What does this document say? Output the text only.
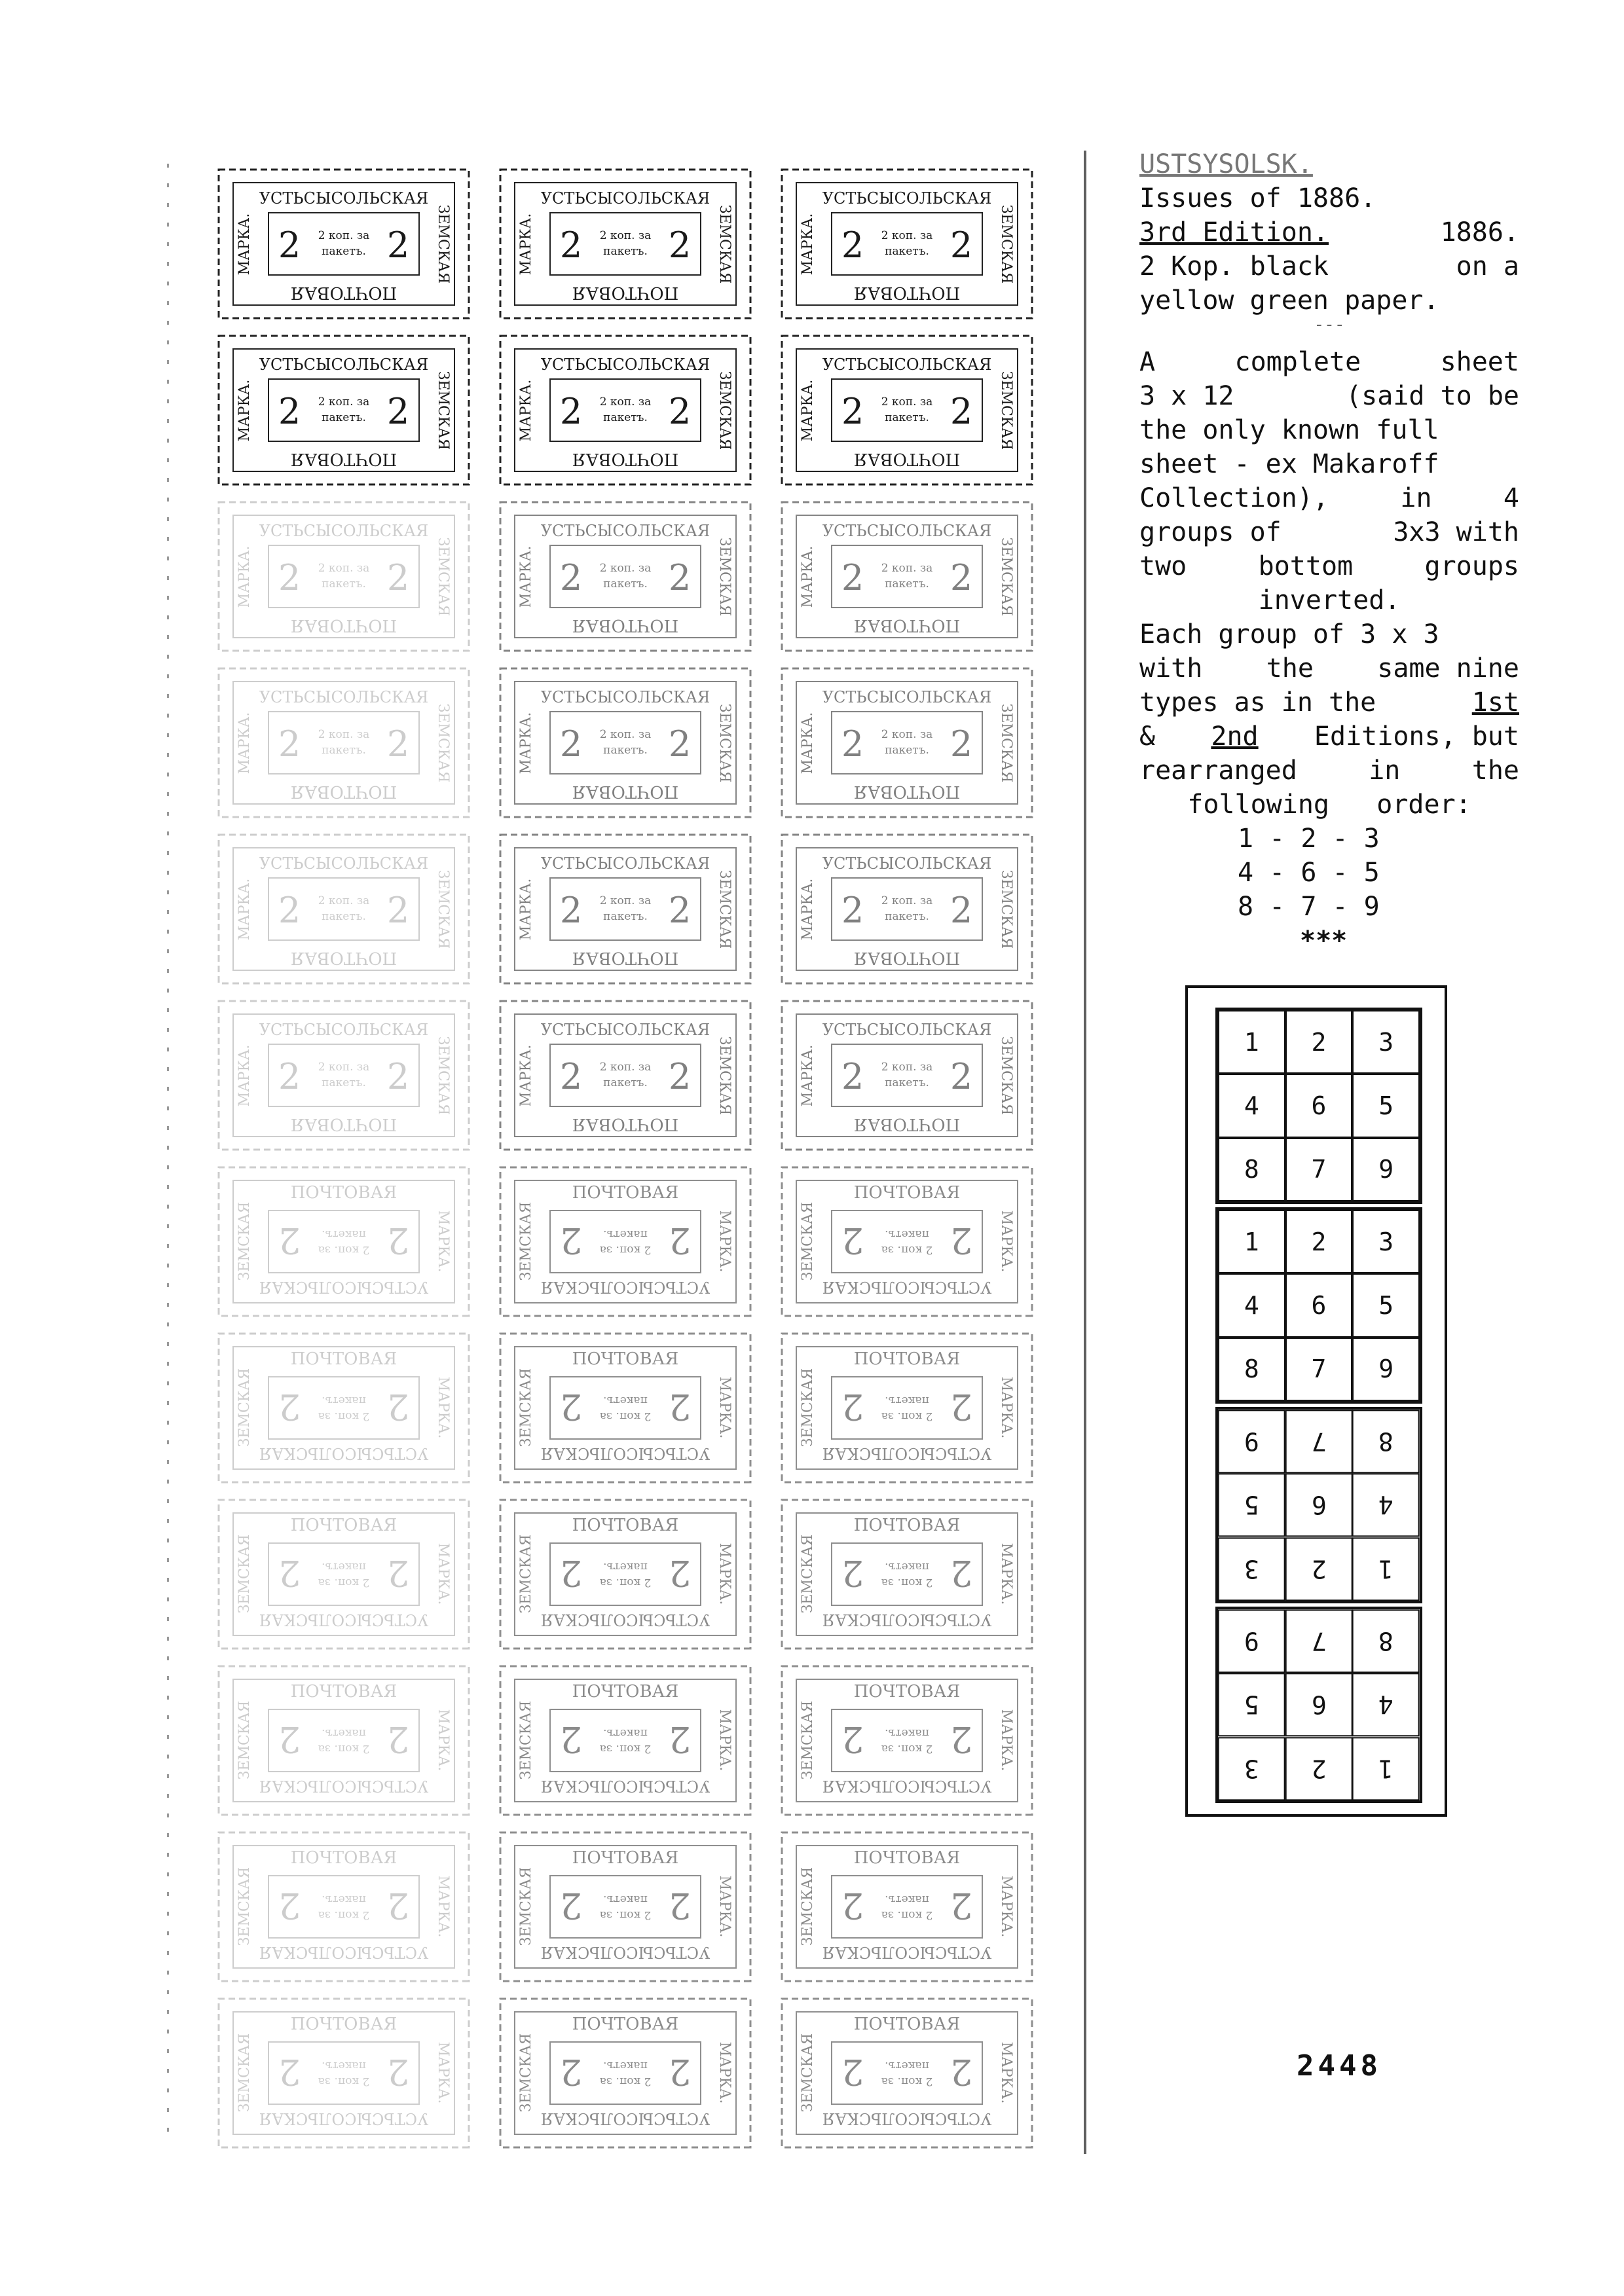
УСТЬСЫСОЛЬСКАЯ
ПОЧТОВАЯ
МАРКА.	ЗЕМСКАЯ
2 2
2 коп. за
пакетъ.
УСТЬСЫСОЛЬСКАЯ
ПОЧТОВАЯ
МАРКА.	ЗЕМСКАЯ
2 2
2 коп. за
пакетъ.
УСТЬСЫСОЛЬСКАЯ
ПОЧТОВАЯ
МАРКА.	ЗЕМСКАЯ
2 2
2 коп. за
пакетъ.
УСТЬСЫСОЛЬСКАЯ
ПОЧТОВАЯ
МАРКА.	ЗЕМСКАЯ
2 2
2 коп. за
пакетъ.
УСТЬСЫСОЛЬСКАЯ
ПОЧТОВАЯ
МАРКА.	ЗЕМСКАЯ
2 2
2 коп. за
пакетъ.
УСТЬСЫСОЛЬСКАЯ
ПОЧТОВАЯ
МАРКА.	ЗЕМСКАЯ
2 2
2 коп. за
пакетъ.
УСТЬСЫСОЛЬСКАЯ
ПОЧТОВАЯ
МАРКА.	ЗЕМСКАЯ
2 2
2 коп. за
пакетъ.
УСТЬСЫСОЛЬСКАЯ
ПОЧТОВАЯ
МАРКА.	ЗЕМСКАЯ
2 2
2 коп. за
пакетъ.
УСТЬСЫСОЛЬСКАЯ
ПОЧТОВАЯ
МАРКА.	ЗЕМСКАЯ
2 2
2 коп. за
пакетъ.
УСТЬСЫСОЛЬСКАЯ
ПОЧТОВАЯ
МАРКА.	ЗЕМСКАЯ
2 2
2 коп. за
пакетъ.
УСТЬСЫСОЛЬСКАЯ
ПОЧТОВАЯ
МАРКА.	ЗЕМСКАЯ
2 2
2 коп. за
пакетъ.
УСТЬСЫСОЛЬСКАЯ
ПОЧТОВАЯ
МАРКА.	ЗЕМСКАЯ
2 2
2 коп. за
пакетъ.
УСТЬСЫСОЛЬСКАЯ
ПОЧТОВАЯ
МАРКА.	ЗЕМСКАЯ
2 2
2 коп. за
пакетъ.
УСТЬСЫСОЛЬСКАЯ
ПОЧТОВАЯ
МАРКА.	ЗЕМСКАЯ
2 2
2 коп. за
пакетъ.
УСТЬСЫСОЛЬСКАЯ
ПОЧТОВАЯ
МАРКА.	ЗЕМСКАЯ
2 2
2 коп. за
пакетъ.
УСТЬСЫСОЛЬСКАЯ
ПОЧТОВАЯ
МАРКА.	ЗЕМСКАЯ
2 2
2 коп. за
пакетъ.
УСТЬСЫСОЛЬСКАЯ
ПОЧТОВАЯ
МАРКА.	ЗЕМСКАЯ
2 2
2 коп. за
пакетъ.
УСТЬСЫСОЛЬСКАЯ
ПОЧТОВАЯ
МАРКА.	ЗЕМСКАЯ
2 2
2 коп. за
пакетъ.
УСТЬСЫСОЛЬСКАЯ
ПОЧТОВАЯ
МАРКА.
ЗЕМСКАЯ	2
2 2 коп. за
пакетъ.
УСТЬСЫСОЛЬСКАЯ
ПОЧТОВАЯ
МАРКА.
ЗЕМСКАЯ	2
2 2 коп. за
пакетъ.
УСТЬСЫСОЛЬСКАЯ
ПОЧТОВАЯ
МАРКА.
ЗЕМСКАЯ	2
2 2 коп. за
пакетъ.
УСТЬСЫСОЛЬСКАЯ
ПОЧТОВАЯ
МАРКА.
ЗЕМСКАЯ	2
2 2 коп. за
пакетъ.
УСТЬСЫСОЛЬСКАЯ
ПОЧТОВАЯ
МАРКА.
ЗЕМСКАЯ	2
2 2 коп. за
пакетъ.
УСТЬСЫСОЛЬСКАЯ
ПОЧТОВАЯ
МАРКА.
ЗЕМСКАЯ	2
2 2 коп. за
пакетъ.
УСТЬСЫСОЛЬСКАЯ
ПОЧТОВАЯ
МАРКА.
ЗЕМСКАЯ	2
2 2 коп. за
пакетъ.
УСТЬСЫСОЛЬСКАЯ
ПОЧТОВАЯ
МАРКА.
ЗЕМСКАЯ	2
2 2 коп. за
пакетъ.
УСТЬСЫСОЛЬСКАЯ
ПОЧТОВАЯ
МАРКА.
ЗЕМСКАЯ	2
2 2 коп. за
пакетъ.
УСТЬСЫСОЛЬСКАЯ
ПОЧТОВАЯ
МАРКА.
ЗЕМСКАЯ	2
2 2 коп. за
пакетъ.
УСТЬСЫСОЛЬСКАЯ
ПОЧТОВАЯ
МАРКА.
ЗЕМСКАЯ	2
2 2 коп. за
пакетъ.
УСТЬСЫСОЛЬСКАЯ
ПОЧТОВАЯ
МАРКА.
ЗЕМСКАЯ	2
2 2 коп. за
пакетъ.
УСТЬСЫСОЛЬСКАЯ
ПОЧТОВАЯ
МАРКА.
ЗЕМСКАЯ	2
2 2 коп. за
пакетъ.
УСТЬСЫСОЛЬСКАЯ
ПОЧТОВАЯ
МАРКА.
ЗЕМСКАЯ	2
2 2 коп. за
пакетъ.
УСТЬСЫСОЛЬСКАЯ
ПОЧТОВАЯ
МАРКА.
ЗЕМСКАЯ	2
2 2 коп. за
пакетъ.
УСТЬСЫСОЛЬСКАЯ
ПОЧТОВАЯ
МАРКА.
ЗЕМСКАЯ	2
2 2 коп. за
пакетъ.
УСТЬСЫСОЛЬСКАЯ
ПОЧТОВАЯ
МАРКА.
ЗЕМСКАЯ	2
2 2 коп. за
пакетъ.
УСТЬСЫСОЛЬСКАЯ
ПОЧТОВАЯ
МАРКА.
ЗЕМСКАЯ	2
2 2 коп. за
пакетъ.
USTSYSOLSK.
Issues of 1886.
3rd Edition.	1886.
2 Kop. black	on a
yellow green paper.
---
A	complete	sheet
3 x 12	(said to be
the only known full
sheet - ex Makaroff
Collection),	in	4
groups of	3x3 with
two	bottom	groups
inverted.
Each group of 3 x 3
with the same nine
types as in the	1st
& 2nd Editions, but
rearranged	in	the
following   order:
1 - 2 - 3
4 - 6 - 5
8 - 7 - 9
***
1	2	3
4	6	5
8	7	9
1	2	3
4	6	5
8	7	9
9	7	8
5	6	4
3	2	1
9	7	8
5	6	4
3	2	1
2448
